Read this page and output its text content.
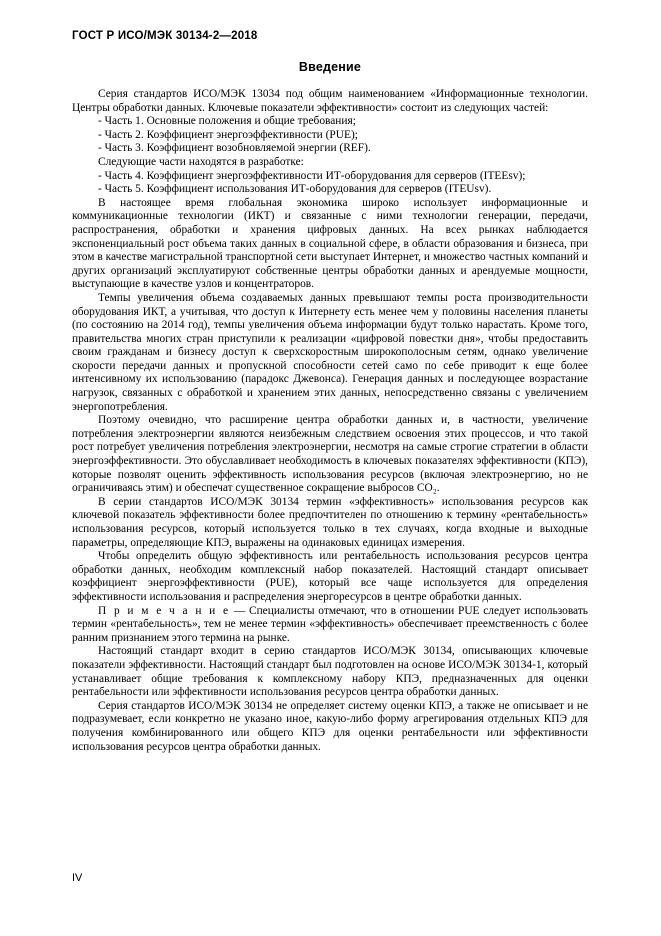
ГОСТ Р ИСО/МЭК 30134-2—2018
Введение

Серия стандартов ИСО/МЭК 13034 под общим наименованием «Информационные технологии. Центры обработки данных. Ключевые показатели эффективности» состоит из следующих частей:

- Часть 1. Основные положения и общие требования;

- Часть 2. Коэффициент энергоэффективности (PUE);

- Часть 3. Коэффициент возобновляемой энергии (REF).

Следующие части находятся в разработке:

- Часть 4. Коэффициент энергоэффективности ИТ-оборудования для серверов (ITEEsv);

- Часть 5. Коэффициент использования ИТ-оборудования для серверов (ITEUsv).

В настоящее время глобальная экономика широко использует информационные и коммуникационные технологии (ИКТ) и связанные с ними технологии генерации, передачи, распространения, обработки и хранения цифровых данных. На всех рынках наблюдается экспоненциальный рост объема таких данных в социальной сфере, в области образования и бизнеса, при этом в качестве магистральной транспортной сети выступает Интернет, и множество частных компаний и других организаций эксплуатируют собственные центры обработки данных и арендуемые мощности, выступающие в качестве узлов и концентраторов.

Темпы увеличения объема создаваемых данных превышают темпы роста производительности оборудования ИКТ, а учитывая, что доступ к Интернету есть менее чем у половины населения планеты (по состоянию на 2014 год), темпы увеличения объема информации будут только нарастать. Кроме того, правительства многих стран приступили к реализации «цифровой повестки дня», чтобы предоставить своим гражданам и бизнесу доступ к сверхскоростным широкополосным сетям, однако увеличение скорости передачи данных и пропускной способности сетей само по себе приводит к еще более интенсивному их использованию (парадокс Джевонса). Генерация данных и последующее возрастание нагрузок, связанных с обработкой и хранением этих данных, непосредственно связаны с увеличением энергопотребления.

Поэтому очевидно, что расширение центра обработки данных и, в частности, увеличение потребления электроэнергии являются неизбежным следствием освоения этих процессов, и что такой рост потребует увеличения потребления электроэнергии, несмотря на самые строгие стратегии в области энергоэффективности. Это обуславливает необходимость в ключевых показателях эффективности (КПЭ), которые позволят оценить эффективность использования ресурсов (включая электроэнергию, но не ограничиваясь этим) и обеспечат существенное сокращение выбросов CO₂.

В серии стандартов ИСО/МЭК 30134 термин «эффективность» использования ресурсов как ключевой показатель эффективности более предпочтителен по отношению к термину «рентабельность» использования ресурсов, который используется только в тех случаях, когда входные и выходные параметры, определяющие КПЭ, выражены на одинаковых единицах измерения.

Чтобы определить общую эффективность или рентабельность использования ресурсов центра обработки данных, необходим комплексный набор показателей. Настоящий стандарт описывает коэффициент энергоэффективности (PUE), который все чаще используется для определения эффективности использования и распределения энергоресурсов в центре обработки данных.

П р и м е ч а н и е — Специалисты отмечают, что в отношении PUE следует использовать термин «рентабельность», тем не менее термин «эффективность» обеспечивает преемственность с более ранним признанием этого термина на рынке.

Настоящий стандарт входит в серию стандартов ИСО/МЭК 30134, описывающих ключевые показатели эффективности. Настоящий стандарт был подготовлен на основе ИСО/МЭК 30134-1, который устанавливает общие требования к комплексному набору КПЭ, предназначенных для оценки рентабельности или эффективности использования ресурсов центра обработки данных.

Серия стандартов ИСО/МЭК 30134 не определяет систему оценки КПЭ, а также не описывает и не подразумевает, если конкретно не указано иное, какую-либо форму агрегирования отдельных КПЭ для получения комбинированного или общего КПЭ для оценки рентабельности или эффективности использования ресурсов центра обработки данных.

IV
